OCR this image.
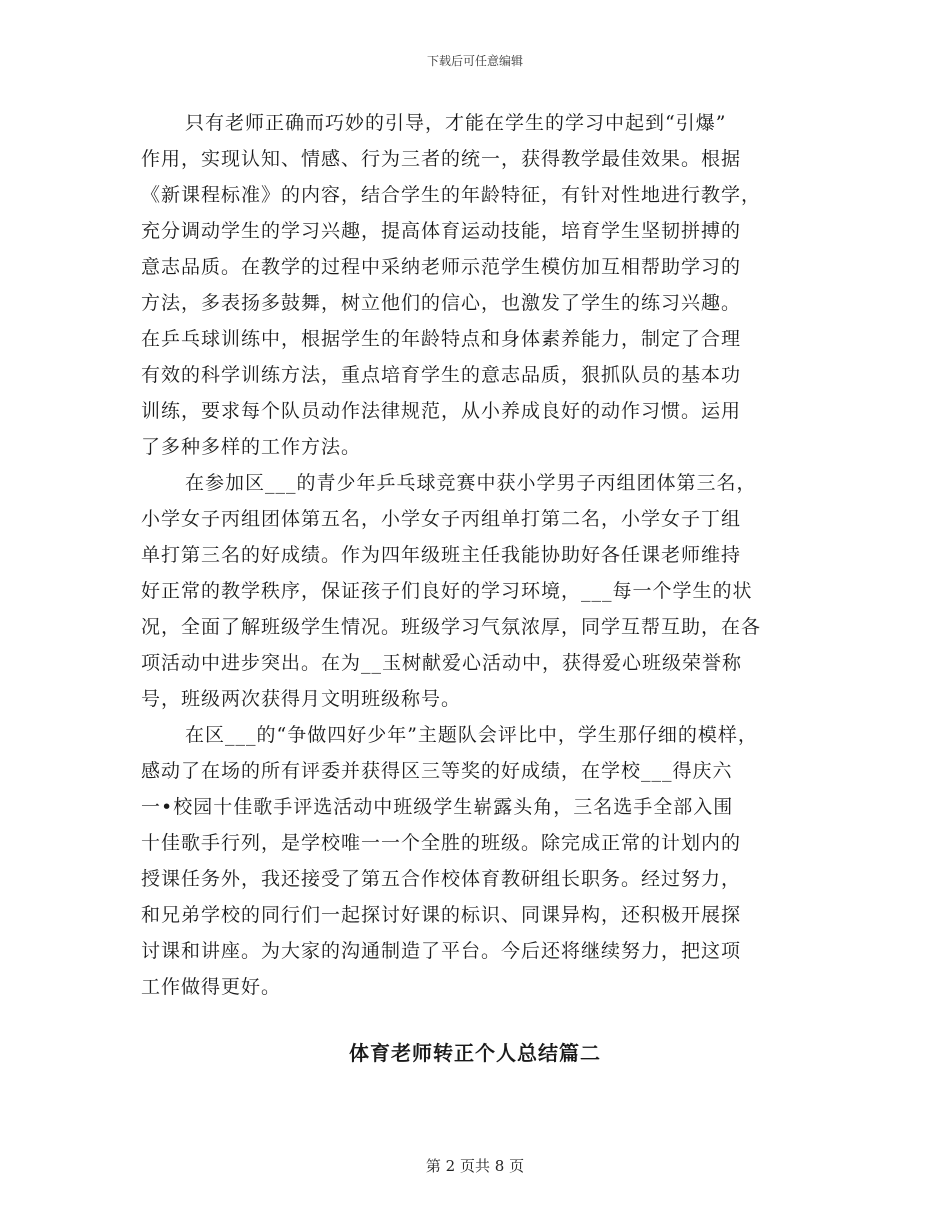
下载后可任意编辑
只有老师正确而巧妙的引导，才能在学生的学习中起到“引爆”
作用，实现认知、情感、行为三者的统一，获得教学最佳效果。根据
《新课程标准》的内容，结合学生的年龄特征，有针对性地进行教学，
充分调动学生的学习兴趣，提高体育运动技能，培育学生坚韧拼搏的
意志品质。在教学的过程中采纳老师示范学生模仿加互相帮助学习的
方法，多表扬多鼓舞，树立他们的信心，也激发了学生的练习兴趣。
在乒乓球训练中，根据学生的年龄特点和身体素养能力，制定了合理
有效的科学训练方法，重点培育学生的意志品质，狠抓队员的基本功
训练，要求每个队员动作法律规范，从小养成良好的动作习惯。运用
了多种多样的工作方法。
在参加区___的青少年乒乓球竞赛中获小学男子丙组团体第三名，
小学女子丙组团体第五名，小学女子丙组单打第二名，小学女子丁组
单打第三名的好成绩。作为四年级班主任我能协助好各任课老师维持
好正常的教学秩序，保证孩子们良好的学习环境，___每一个学生的状
况，全面了解班级学生情况。班级学习气氛浓厚，同学互帮互助，在各
项活动中进步突出。在为__玉树献爱心活动中，获得爱心班级荣誉称
号，班级两次获得月文明班级称号。
在区___的“争做四好少年”主题队会评比中，学生那仔细的模样，
感动了在场的所有评委并获得区三等奖的好成绩，在学校___得庆六
一•校园十佳歌手评选活动中班级学生崭露头角，三名选手全部入围
十佳歌手行列，是学校唯一一个全胜的班级。除完成正常的计划内的
授课任务外，我还接受了第五合作校体育教研组长职务。经过努力，
和兄弟学校的同行们一起探讨好课的标识、同课异构，还积极开展探
讨课和讲座。为大家的沟通制造了平台。今后还将继续努力，把这项
工作做得更好。
体育老师转正个人总结篇二
第 2 页共 8 页
